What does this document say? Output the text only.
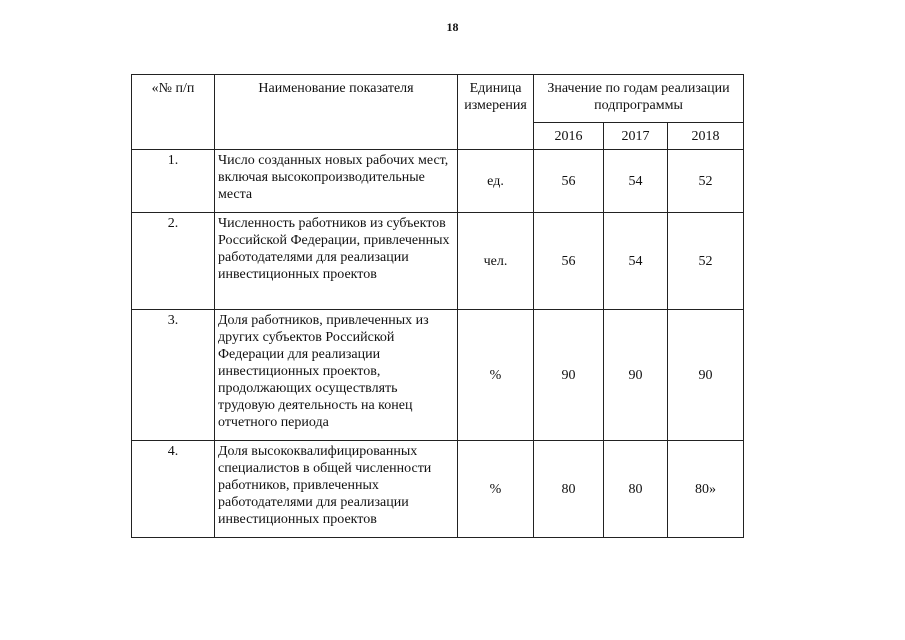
18
«№ п/п	Наименование показателя	Единица измерения	Значение по годам реализации подпрограммы		
			2016	2017	2018
1.	Число созданных новых рабочих мест, включая высокопроизводительные места	ед.	56	54	52
2.	Численность работников из субъектов Российской Федерации, привлеченных работодателями для реализации инвестиционных проектов	чел.	56	54	52
3.	Доля работников, привлеченных из других субъектов Российской Федерации для реализации инвестиционных проектов, продолжающих осуществлять трудовую деятельность на конец отчетного периода	%	90	90	90
4.	Доля высококвалифицированных специалистов в общей численности работников, привлеченных работодателями для реализации инвестиционных проектов	%	80	80	80»
